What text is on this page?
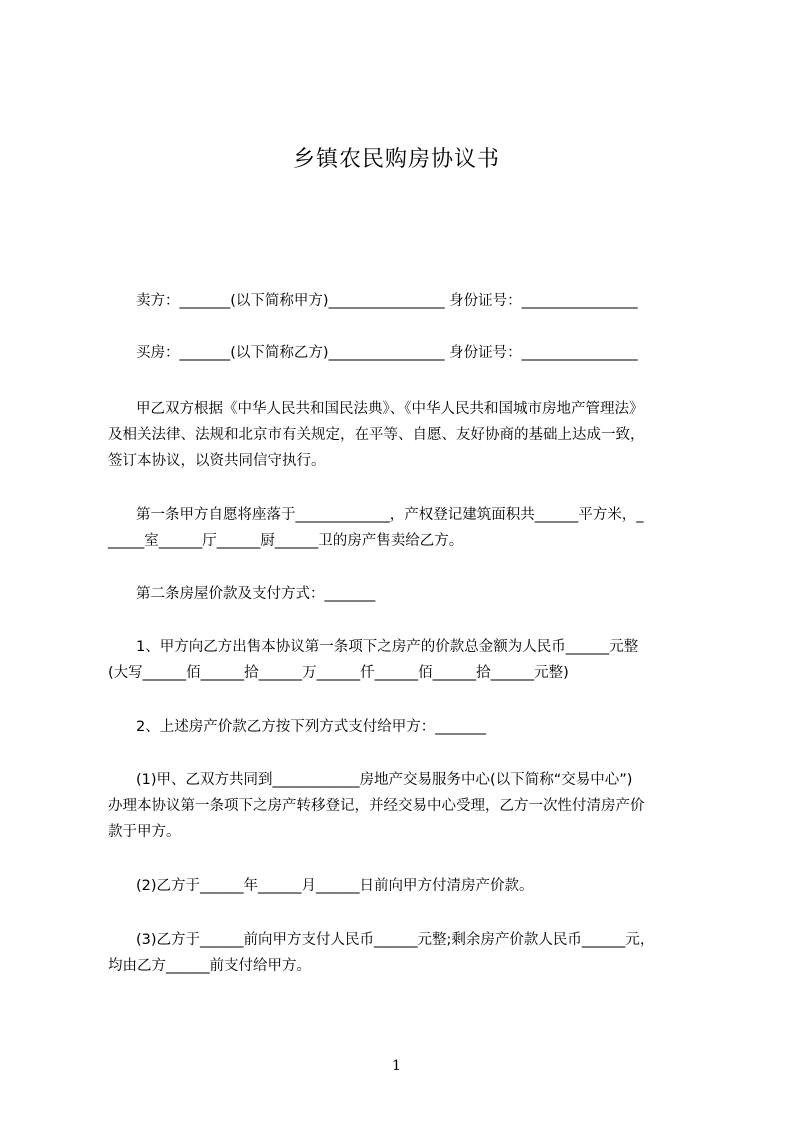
乡镇农民购房协议书
卖方：_______(以下简称甲方)________________ 身份证号：________________
买房：_______(以下简称乙方)________________ 身份证号：________________
甲乙双方根据《中华人民共和国民法典》、《中华人民共和国城市房地产管理法》
及相关法律、法规和北京市有关规定，在平等、自愿、友好协商的基础上达成一致，
签订本协议，以资共同信守执行。
第一条甲方自愿将座落于_____________，产权登记建筑面积共______平方米，_
_____室______厅______厨______卫的房产售卖给乙方。
第二条房屋价款及支付方式：_______
1、甲方向乙方出售本协议第一条项下之房产的价款总金额为人民币______元整
(大写______佰______拾______万______仟______佰______拾______元整)
2、上述房产价款乙方按下列方式支付给甲方：_______
(1)甲、乙双方共同到____________房地产交易服务中心(以下简称“交易中心”)
办理本协议第一条项下之房产转移登记，并经交易中心受理，乙方一次性付清房产价
款于甲方。
(2)乙方于______年______月______日前向甲方付清房产价款。
(3)乙方于______前向甲方支付人民币______元整;剩余房产价款人民币______元，
均由乙方______前支付给甲方。
1
